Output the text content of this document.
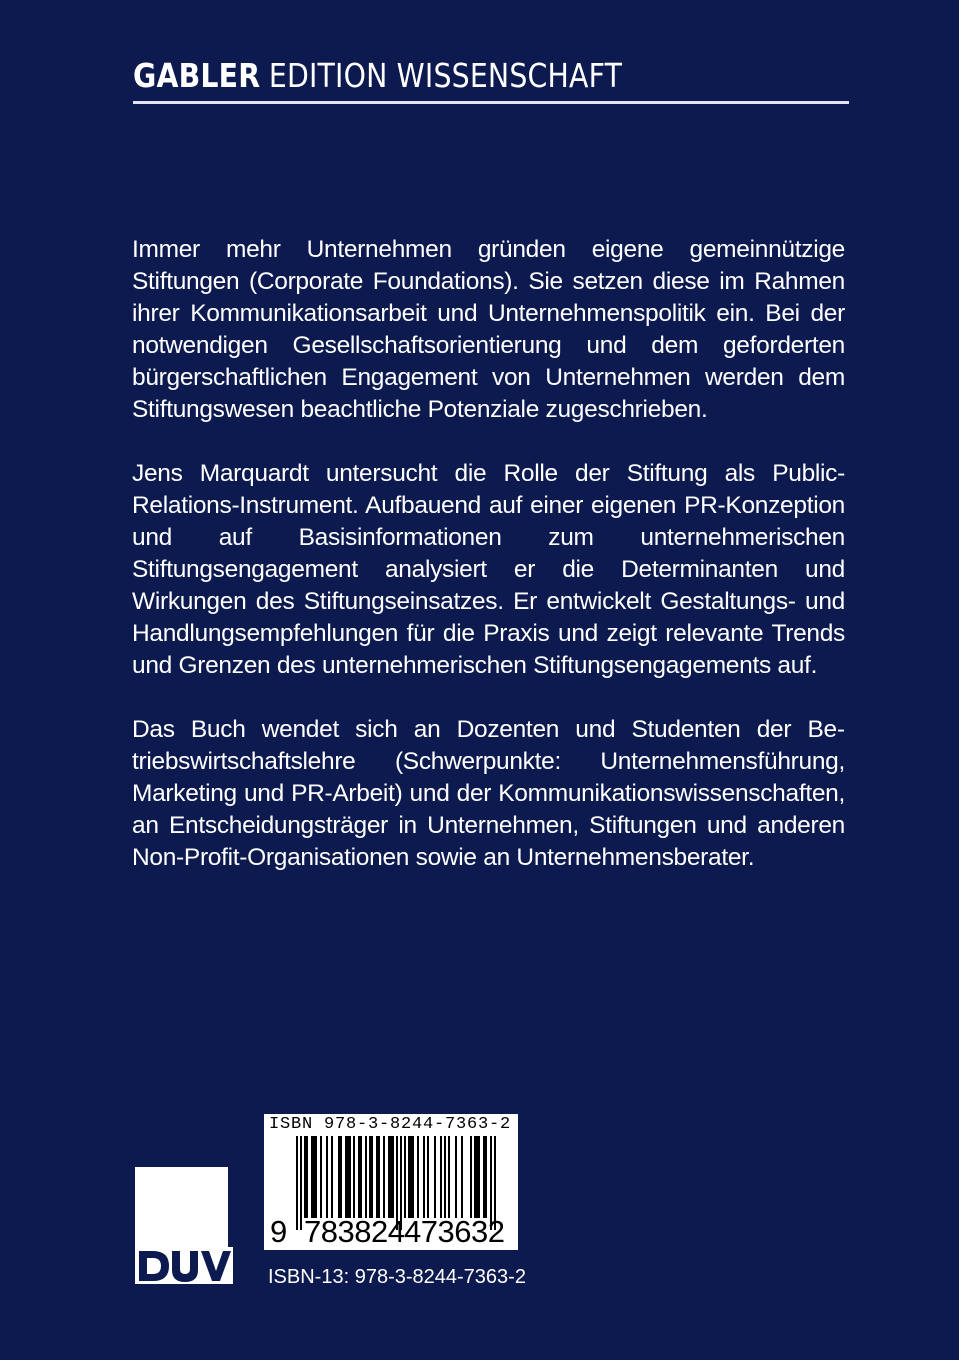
GABLER EDITION WISSENSCHAFT

Immer mehr Unternehmen gründen eigene gemeinnützige Stiftungen (Corporate Foundations). Sie setzen diese im Rahmen ihrer Kommunikationsarbeit und Unternehmenspolitik ein. Bei der notwendigen Gesellschaftsorientierung und dem geforderten bürgerschaftlichen Engagement von Unternehmen werden dem Stiftungswesen beachtliche Potenziale zugeschrieben.

Jens Marquardt untersucht die Rolle der Stiftung als Public-Relations-Instrument. Aufbauend auf einer eigenen PR-Konzeption und auf Basisinformationen zum unternehmerischen Stiftungsengagement analysiert er die Determinanten und Wirkungen des Stiftungseinsatzes. Er entwickelt Gestaltungs- und Handlungsempfehlungen für die Praxis und zeigt relevante Trends und Grenzen des unternehmerischen Stiftungsengagements auf.

Das Buch wendet sich an Dozenten und Studenten der Betriebswirtschaftslehre (Schwerpunkte: Unternehmensführung, Marketing und PR-Arbeit) und der Kommunikationswissenschaften, an Entscheidungsträger in Unternehmen, Stiftungen und anderen Non-Profit-Organisationen sowie an Unternehmensberater.

ISBN 978-3-8244-7363-2
9 783824 473632
ISBN-13: 978-3-8244-7363-2
